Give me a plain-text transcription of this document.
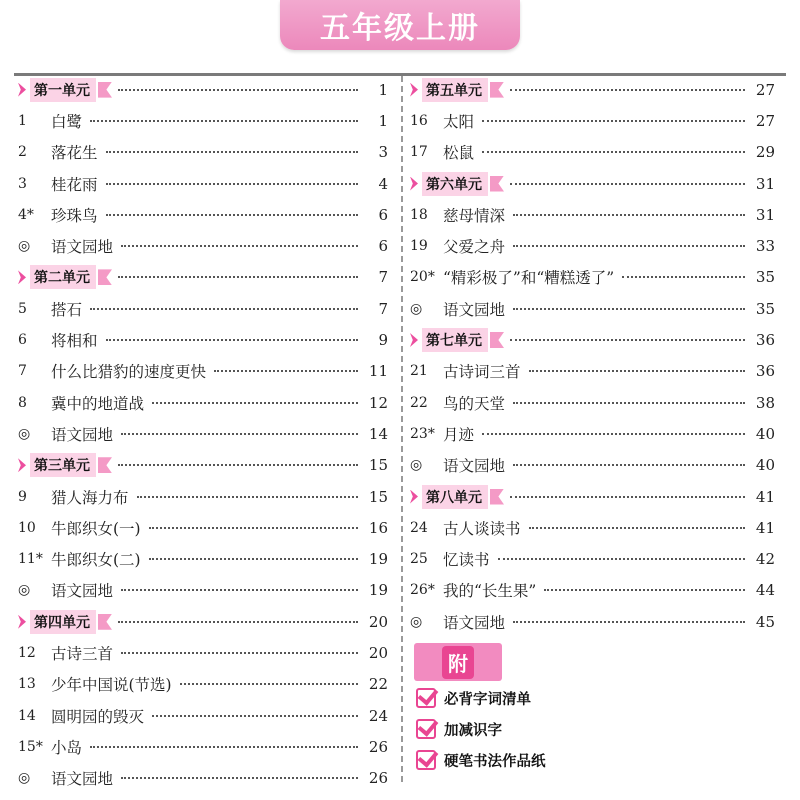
五年级上册
第一单元	1
1	白鹭	1
2	落花生	3
3	桂花雨	4
4*	珍珠鸟	6
◎	语文园地	6
第二单元	7
5	搭石	7
6	将相和	9
7	什么比猎豹的速度更快	11
8	冀中的地道战	12
◎	语文园地	14
第三单元	15
9	猎人海力布	15
10 牛郎织女(一)	16
11* 牛郎织女(二)	19
◎	语文园地	19
第四单元	20
12 古诗三首	20
13 少年中国说(节选)	22
14 圆明园的毁灭	24
15* 小岛	26
◎	语文园地	26
第五单元	27
16 太阳	27
17 松鼠	29
第六单元	31
18 慈母情深	31
19 父爱之舟	33
20* “精彩极了”和“糟糕透了”	35
◎	语文园地	35
第七单元	36
21 古诗词三首	36
22 鸟的天堂	38
23* 月迹	40
◎	语文园地	40
第八单元	41
24 古人谈读书	41
25 忆读书	42
26* 我的“长生果”	44
◎	语文园地	45
附
必背字词清单
加减识字
硬笔书法作品纸
